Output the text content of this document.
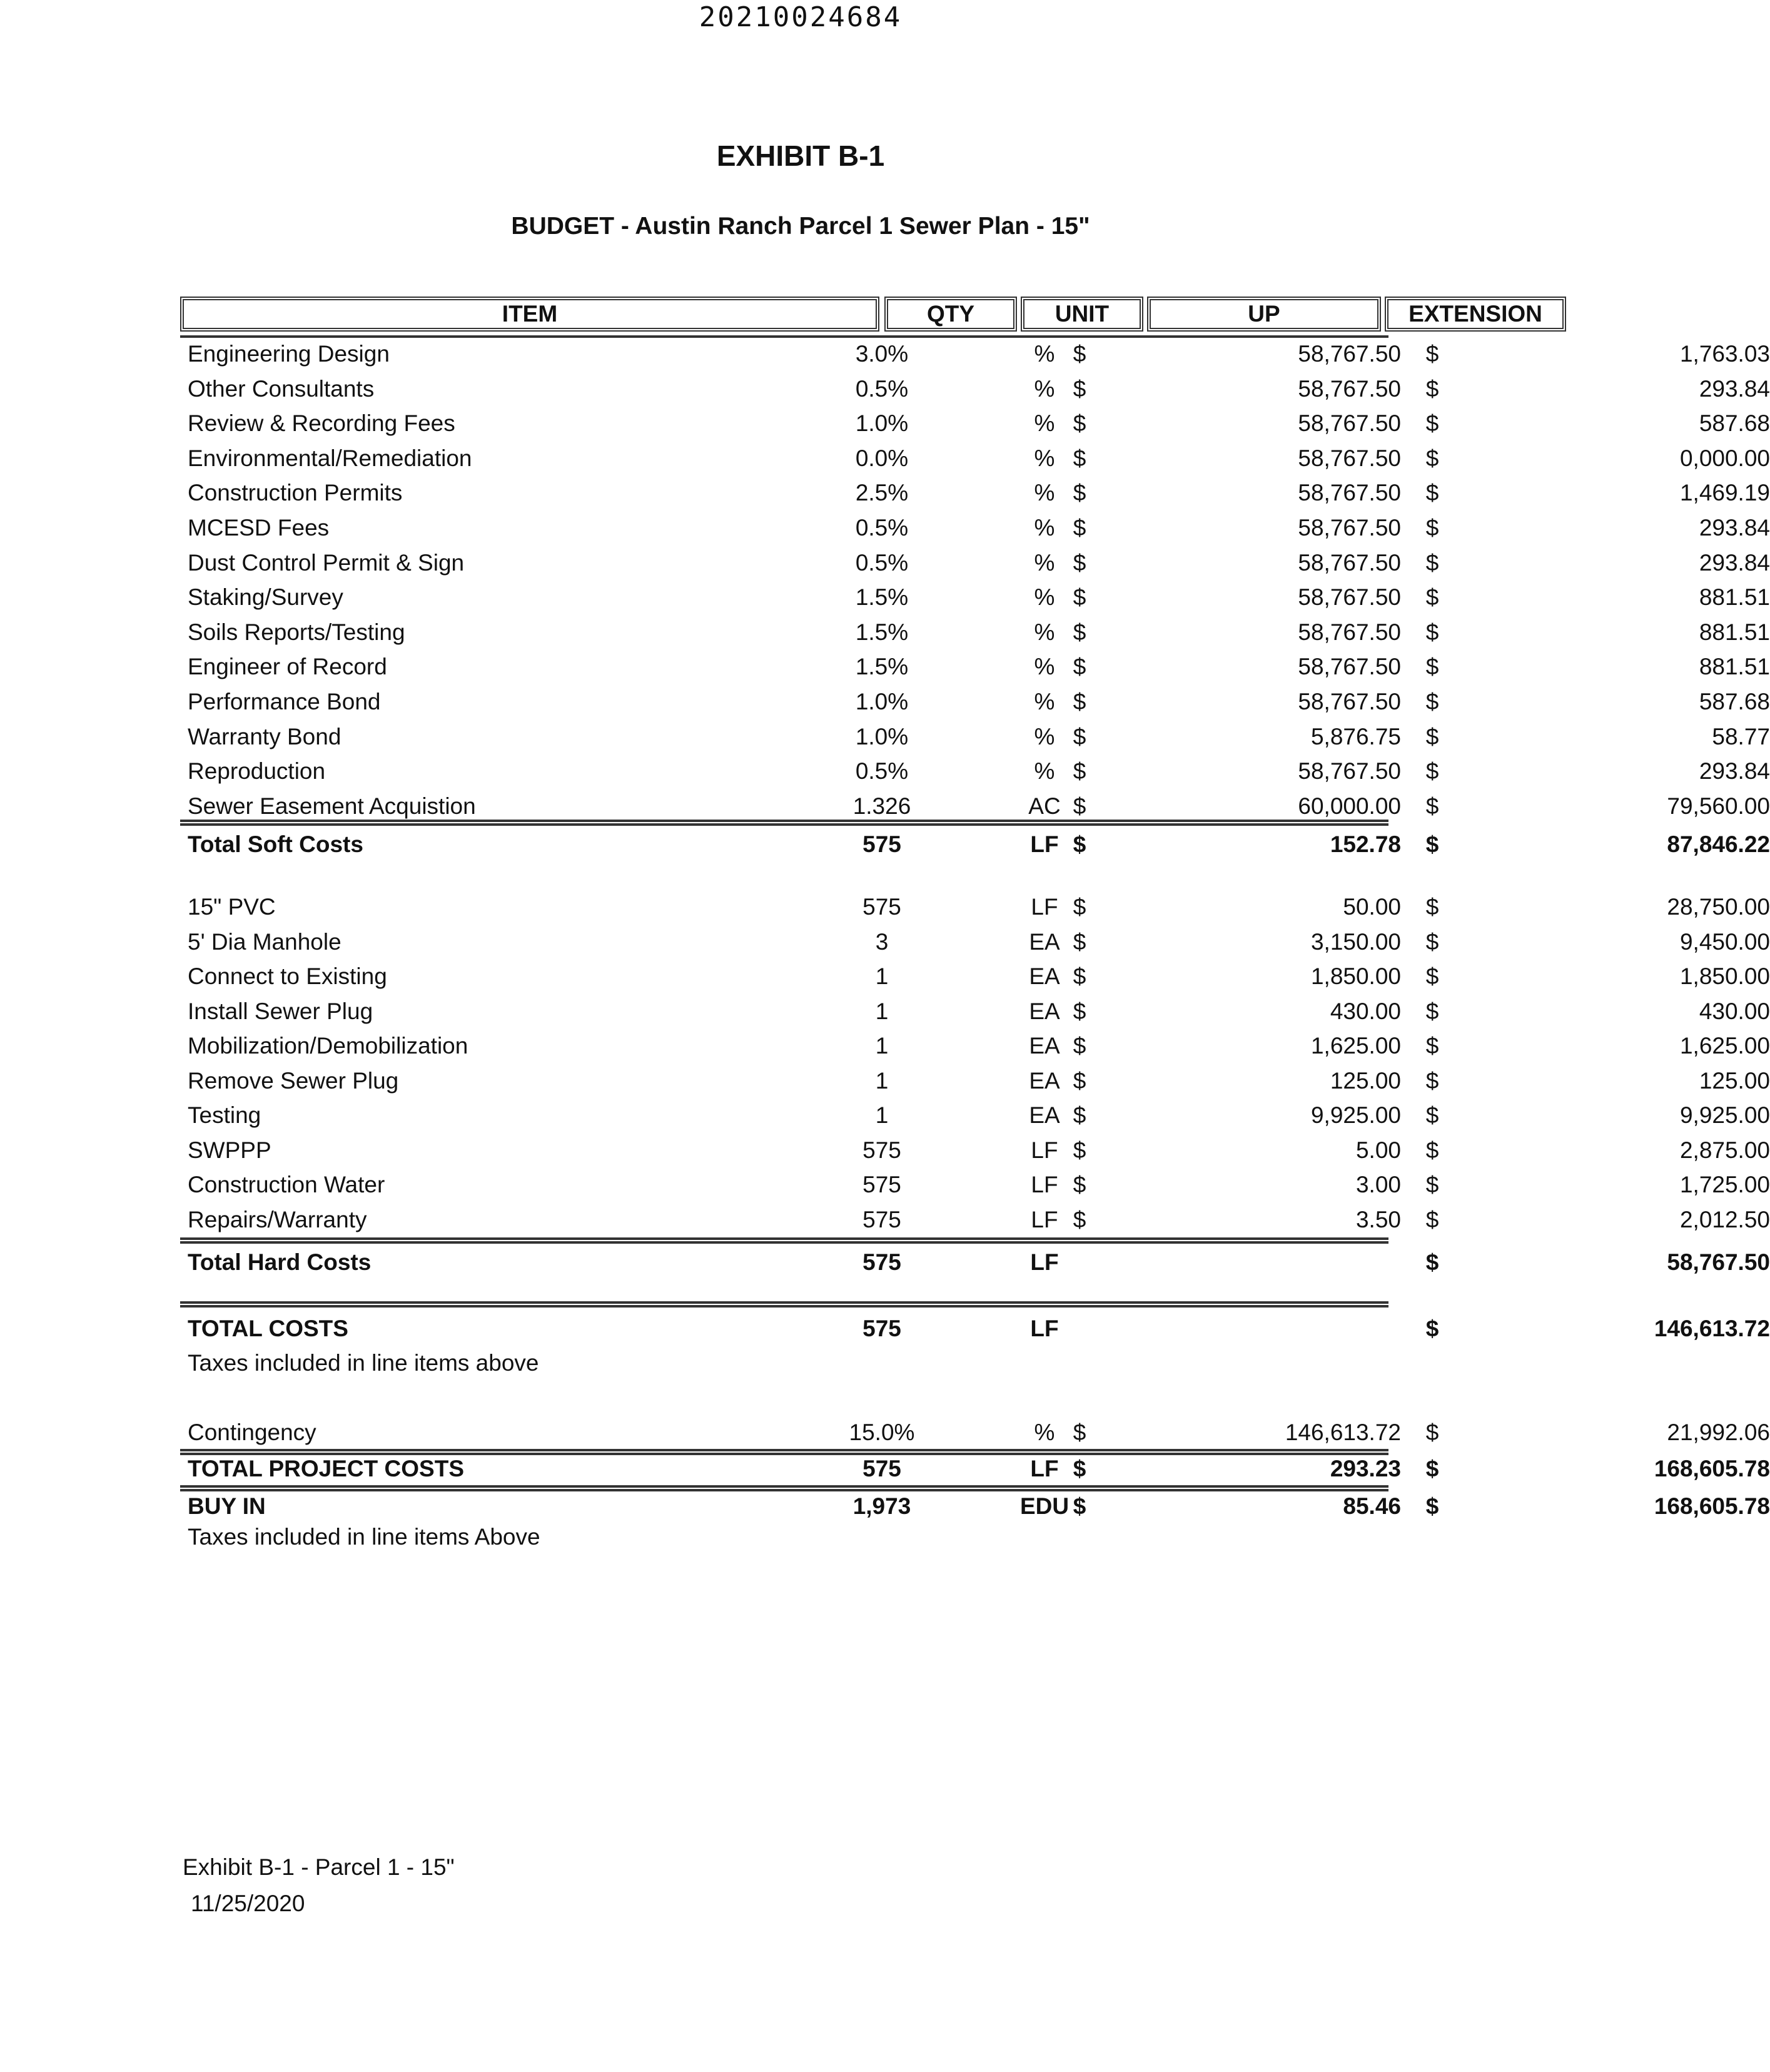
20210024684
EXHIBIT B-1
BUDGET - Austin Ranch Parcel 1 Sewer Plan - 15"
ITEM	QTY	UNIT	UP	EXTENSION
Engineering Design	3.0%	% $	58,767.50	$	1,763.03
Other Consultants	0.5%	% $	58,767.50	$	293.84
Review & Recording Fees	1.0%	% $	58,767.50	$	587.68
Environmental/Remediation	0.0%	% $	58,767.50	$	0,000.00
Construction Permits	2.5%	% $	58,767.50	$	1,469.19
MCESD Fees	0.5%	% $	58,767.50	$	293.84
Dust Control Permit & Sign	0.5%	% $	58,767.50	$	293.84
Staking/Survey	1.5%	% $	58,767.50	$	881.51
Soils Reports/Testing	1.5%	% $	58,767.50	$	881.51
Engineer of Record	1.5%	% $	58,767.50	$	881.51
Performance Bond	1.0%	% $	58,767.50	$	587.68
Warranty Bond	1.0%	% $	5,876.75	$	58.77
Reproduction	0.5%	% $	58,767.50	$	293.84
Sewer Easement Acquistion	1.326	AC $	60,000.00	$	79,560.00
Total Soft Costs	575	LF $	152.78	$	87,846.22
15" PVC	575	LF $	50.00	$	28,750.00
5' Dia Manhole	3	EA $	3,150.00	$	9,450.00
Connect to Existing	1	EA $	1,850.00	$	1,850.00
Install Sewer Plug	1	EA $	430.00	$	430.00
Mobilization/Demobilization	1	EA $	1,625.00	$	1,625.00
Remove Sewer Plug	1	EA $	125.00	$	125.00
Testing	1	EA $	9,925.00	$	9,925.00
SWPPP	575	LF $	5.00	$	2,875.00
Construction Water	575	LF $	3.00	$	1,725.00
Repairs/Warranty	575	LF $	3.50	$	2,012.50
Total Hard Costs	575	LF	$	58,767.50
TOTAL COSTS	575	LF	$	146,613.72
Taxes included in line items above
Contingency	15.0%	% $	146,613.72	$	21,992.06
TOTAL PROJECT COSTS	575	LF $	293.23	$	168,605.78
BUY IN	1,973	EDU $	85.46	$	168,605.78
Taxes included in line items Above
Exhibit B-1 - Parcel 1 - 15"
11/25/2020
